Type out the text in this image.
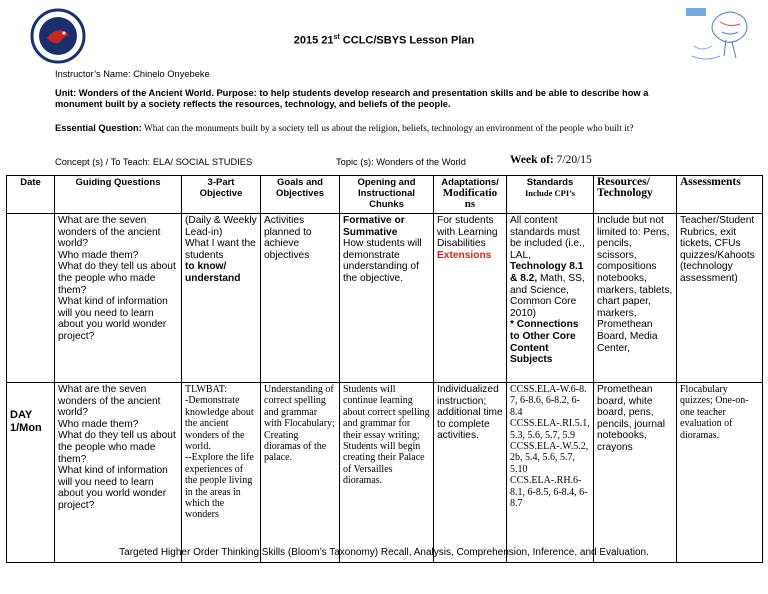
2015 21st CCLC/SBYS Lesson Plan
Instructor’s Name: Chinelo Onyebeke
Unit: Wonders of the Ancient World. Purpose: to help students develop research and presentation skills and be able to describe how a monument built by a society reflects the resources, technology, and beliefs of the people.
Essential Question: What can the monuments built by a society tell us about the religion, beliefs, technology an environment of the people who built it?
Concept (s) / To Teach: ELA/ SOCIAL STUDIES	Topic (s): Wonders of the World	Week of: 7/20/15
Date	Guiding Questions	3-Part Objective	Goals and Objectives	Opening and Instructional Chunks	Adaptations/
Modificatio ns	Standards
Include CPI’s	Resources/ Technology	Assessments
	What are the seven wonders of the ancient world?
Who made them?
What do they tell us about the people who made them?
What kind of information will you need to learn about you world wonder project?	(Daily & Weekly Lead-in)
What I want the students
to know/ understand	Activities planned to achieve objectives	Formative or Summative
How students will demonstrate understanding of the objective.	For students with Learning Disabilities
Extensions	All content standards must be included (i.e., LAL, Technology 8.1 & 8.2, Math, SS, and Science, Common Core 2010)
* Connections to Other Core Content Subjects	Include but not limited to: Pens, pencils, scissors, compositions notebooks, markers, tablets, chart paper, markers, Promethean Board, Media Center,	Teacher/Student Rubrics, exit tickets, CFUs quizzes/Kahoots (technology assessment)
DAY 1/Mon	What are the seven wonders of the ancient world?
Who made them?
What do they tell us about the people who made them?
What kind of information will you need to learn about you world wonder project?	TLWBAT:
-Demonstrate knowledge about the ancient wonders of the world.
--Explore the life experiences of the people living in the areas in which the wonders	Understanding of correct spelling and grammar with Flocabulary; Creating dioramas of the palace.	Students will continue learning about correct spelling and grammar for their essay writing; Students will begin creating their Palace of Versailles dioramas.	Individualized instruction; additional time to complete activities.	CCSS.ELA-W.6-8. 7, 6-8.6, 6-8.2, 6-8.4
CCSS.ELA-.RI.5.1, 5.3, 5.6, 5.7, 5.9
CCSS.ELA-.W.5.2, 2b, 5.4, 5.6, 5.7, 5.10
CCS.ELA-.RH.6-8.1, 6-8.5, 6-8.4, 6-8.7	Promethean board, white board, pens, pencils, journal notebooks, crayons	Flocabulary quizzes; One-on-one teacher evaluation of dioramas.
Targeted Higher Order Thinking Skills (Bloom’s Taxonomy) Recall, Analysis, Comprehension, Inference, and Evaluation.
